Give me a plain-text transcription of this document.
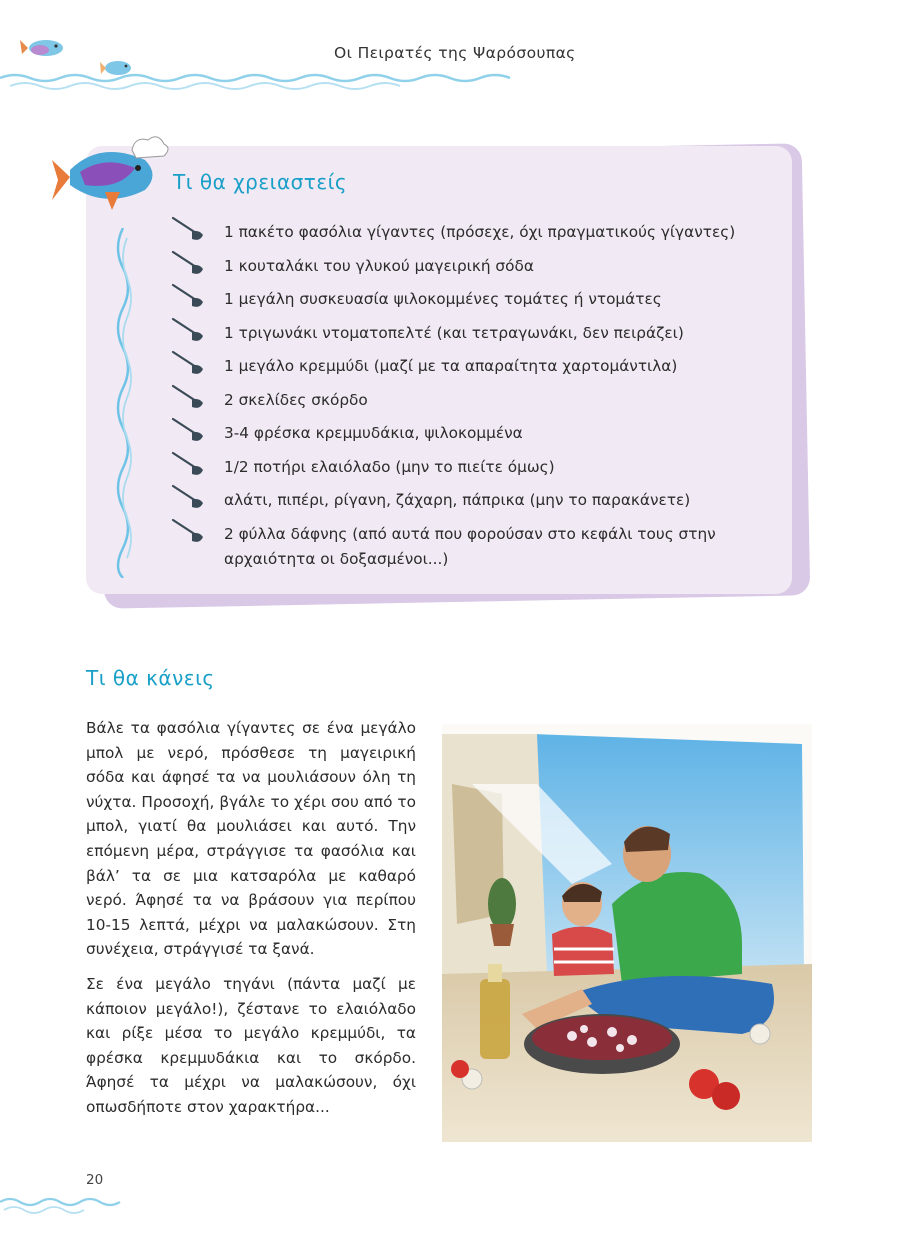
Οι Πειρατές της Ψαρόσουπας
Τι θα χρειαστείς
1 πακέτο φασόλια γίγαντες (πρόσεχε, όχι πραγματικούς γίγαντες)
1 κουταλάκι του γλυκού μαγειρική σόδα
1 μεγάλη συσκευασία ψιλοκομμένες τομάτες ή ντομάτες
1 τριγωνάκι ντοματοπελτέ (και τετραγωνάκι, δεν πειράζει)
1 μεγάλο κρεμμύδι (μαζί με τα απαραίτητα χαρτομάντιλα)
2 σκελίδες σκόρδο
3-4 φρέσκα κρεμμυδάκια, ψιλοκομμένα
1/2 ποτήρι ελαιόλαδο (μην το πιείτε όμως)
αλάτι, πιπέρι, ρίγανη, ζάχαρη, πάπρικα (μην το παρακάνετε)
2 φύλλα δάφνης (από αυτά που φορούσαν στο κεφάλι τους στην αρχαιότητα οι δοξασμένοι...)
Τι θα κάνεις

Βάλε τα φασόλια γίγαντες σε ένα μεγάλο μπολ με νερό, πρόσθεσε τη μαγειρική σόδα και άφησέ τα να μουλιάσουν όλη τη νύχτα. Προσοχή, βγάλε το χέρι σου από το μπολ, γιατί θα μουλιάσει και αυτό. Την επόμενη μέρα, στράγγισε τα φασόλια και βάλ’ τα σε μια κατσαρόλα με καθαρό νερό. Άφησέ τα να βράσουν για περίπου 10-15 λεπτά, μέχρι να μαλακώσουν. Στη συνέχεια, στράγγισέ τα ξανά.

Σε ένα μεγάλο τηγάνι (πάντα μαζί με κάποιον μεγάλο!), ζέστανε το ελαιόλαδο και ρίξε μέσα το μεγάλο κρεμμύδι, τα φρέσκα κρεμμυδάκια και το σκόρδο. Άφησέ τα μέχρι να μαλακώσουν, όχι οπωσδήποτε στον χαρακτήρα...

20
